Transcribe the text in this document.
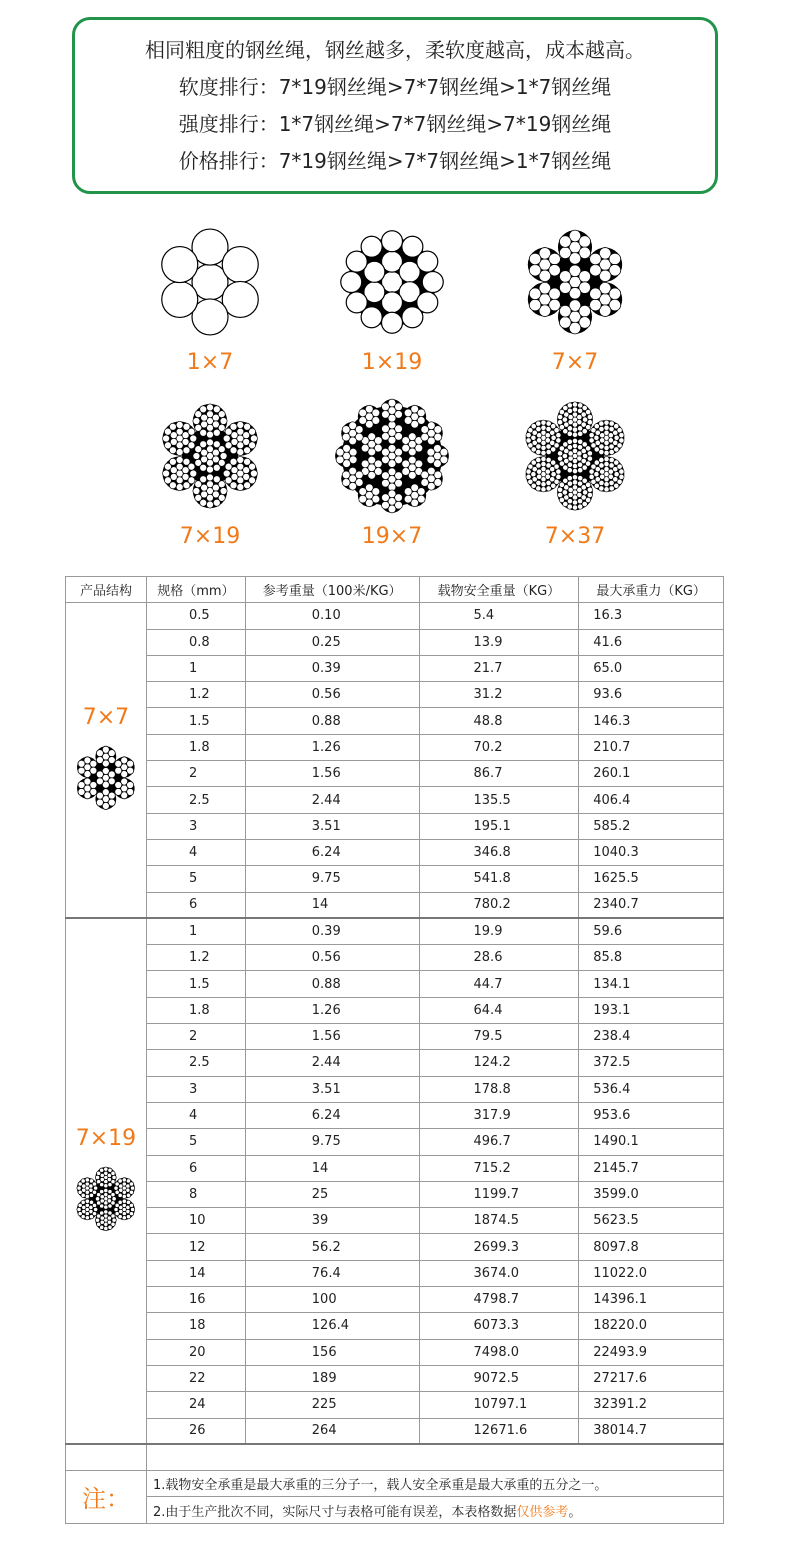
相同粗度的钢丝绳，钢丝越多，柔软度越高，成本越高。
软度排行：7*19钢丝绳>7*7钢丝绳>1*7钢丝绳
强度排行：1*7钢丝绳>7*7钢丝绳>7*19钢丝绳
价格排行：7*19钢丝绳>7*7钢丝绳>1*7钢丝绳
1×7	1×19	7×7
7×19	19×7	7×37
产品结构	规格（mm）	参考重量（100米/KG）	载物安全重量（KG）	最大承重力（KG）

7×7	0.5	0.10	5.4	16.3
	0.8	0.25	13.9	41.6
	1	0.39	21.7	65.0
	1.2	0.56	31.2	93.6
	1.5	0.88	48.8	146.3
	1.8	1.26	70.2	210.7
	2	1.56	86.7	260.1
	2.5	2.44	135.5	406.4
	3	3.51	195.1	585.2
	4	6.24	346.8	1040.3
	5	9.75	541.8	1625.5
	6	14	780.2	2340.7

7×19	1	0.39	19.9	59.6
	1.2	0.56	28.6	85.8
	1.5	0.88	44.7	134.1
	1.8	1.26	64.4	193.1
	2	1.56	79.5	238.4
	2.5	2.44	124.2	372.5
	3	3.51	178.8	536.4
	4	6.24	317.9	953.6
	5	9.75	496.7	1490.1
	6	14	715.2	2145.7
	8	25	1199.7	3599.0
	10	39	1874.5	5623.5
	12	56.2	2699.3	8097.8
	14	76.4	3674.0	11022.0
	16	100	4798.7	14396.1
	18	126.4	6073.3	18220.0
	20	156	7498.0	22493.9
	22	189	9072.5	27217.6
	24	225	10797.1	32391.2
	26	264	12671.6	38014.7

注：	1.载物安全承重是最大承重的三分子一，载人安全承重是最大承重的五分之一。			
	2.由于生产批次不同，实际尺寸与表格可能有误差，本表格数据仅供参考。			
